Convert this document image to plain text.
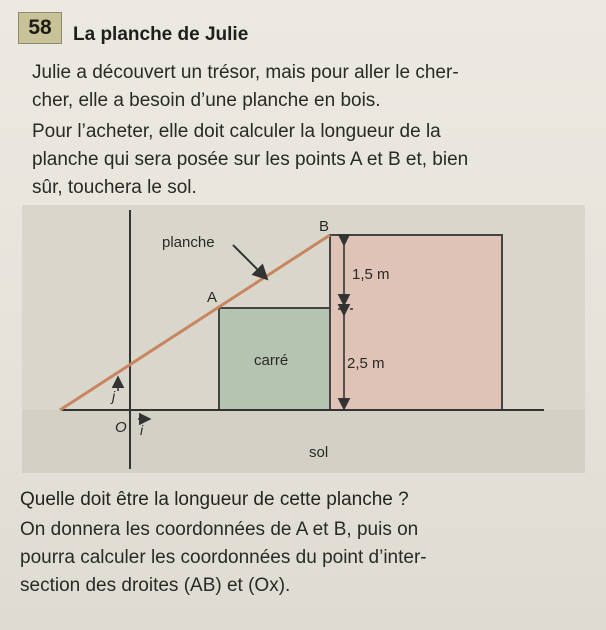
58	La planche de Julie
Julie a découvert un trésor, mais pour aller le cher-
cher, elle a besoin d’une planche en bois.
Pour l’acheter, elle doit calculer la longueur de la
planche qui sera posée sur les points A et B et, bien
sûr, touchera le sol.
planche
B
A
1,5 m
2,5 m
carré
j
O i
sol
Quelle doit être la longueur de cette planche ?
On donnera les coordonnées de A et B, puis on
pourra calculer les coordonnées du point d’inter-
section des droites (AB) et (Ox).
